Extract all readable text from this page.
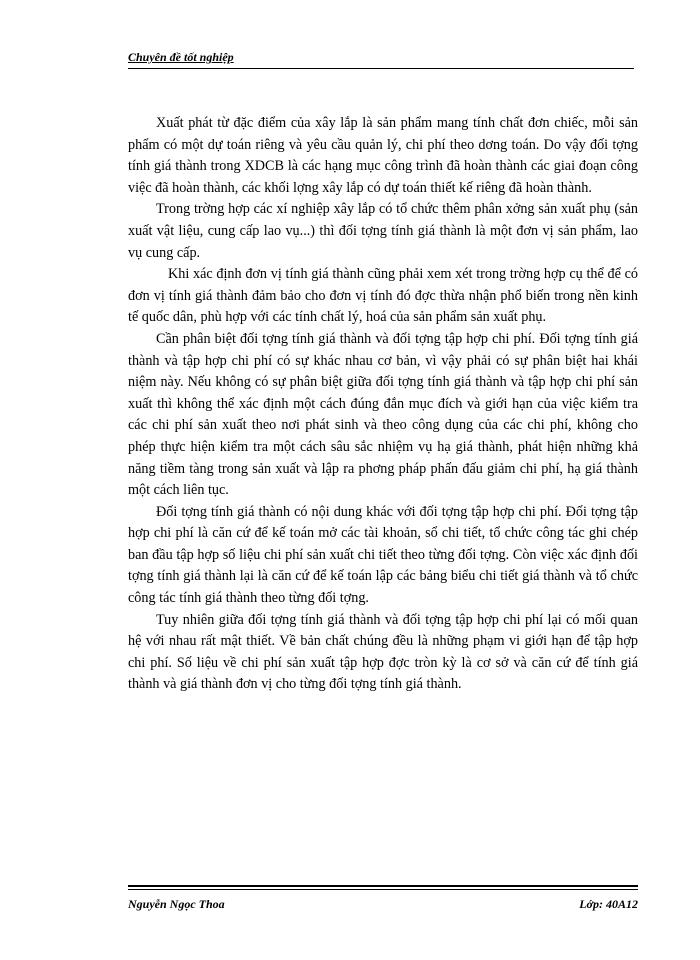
Chuyên đề tốt nghiệp

Xuất phát từ đặc điểm của xây lắp là sản phẩm mang tính chất đơn chiếc, mỗi sản phẩm có một dự toán riêng và yêu cầu quản lý, chi phí theo dơng toán. Do vậy đối tợng tính giá thành trong XDCB là các hạng mục công trình đã hoàn thành các giai đoạn công việc đã hoàn thành, các khối lợng xây lắp có dự toán thiết kế riêng đã hoàn thành.

Trong trờng hợp các xí nghiệp xây lắp có tổ chức thêm phân xởng sản xuất phụ (sản xuất vật liệu, cung cấp lao vụ...) thì đối tợng tính giá thành là một đơn vị sản phẩm, lao vụ cung cấp.

Khi xác định đơn vị tính giá thành cũng phải xem xét trong trờng hợp cụ thể để có đơn vị tính giá thành đảm bảo cho đơn vị tính đó đợc thừa nhận phổ biến trong nền kinh tế quốc dân, phù hợp với các tính chất lý, hoá của sản phẩm sản xuất phụ.

Cần phân biệt đối tợng tính giá thành và đối tợng tập hợp chi phí. Đối tợng tính giá thành và tập hợp chi phí có sự khác nhau cơ bản, vì vậy phải có sự phân biệt hai khái niệm này. Nếu không có sự phân biệt giữa đối tợng tính giá thành và tập hợp chi phí sản xuất thì không thể xác định một cách đúng đắn mục đích và giới hạn của việc kiểm tra các chi phí sản xuất theo nơi phát sinh và theo công dụng của các chi phí, không cho phép thực hiện kiểm tra một cách sâu sắc nhiệm vụ hạ giá thành, phát hiện những khả năng tiềm tàng trong sản xuất và lập ra phơng pháp phấn đấu giảm chi phí, hạ giá thành một cách liên tục.

Đối tợng tính giá thành có nội dung khác với đối tợng tập hợp chi phí. Đối tợng tập hợp chi phí là căn cứ để kế toán mở các tài khoản, sổ chi tiết, tổ chức công tác ghi chép ban đầu tập hợp số liệu chi phí sản xuất chi tiết theo từng đối tợng. Còn việc xác định đối tợng tính giá thành lại là căn cứ để kế toán lập các bảng biểu chi tiết giá thành và tổ chức công tác tính giá thành theo từng đối tợng.

Tuy nhiên giữa đối tợng tính giá thành và đối tợng tập hợp chi phí lại có mối quan hệ với nhau rất mật thiết. Về bản chất chúng đều là những phạm vi giới hạn để tập hợp chi phí. Số liệu về chi phí sản xuất tập hợp đợc tròn kỳ là cơ sở và căn cứ để tính giá thành và giá thành đơn vị cho từng đối tợng tính giá thành.

Nguyễn Ngọc Thoa	Lớp: 40A12
